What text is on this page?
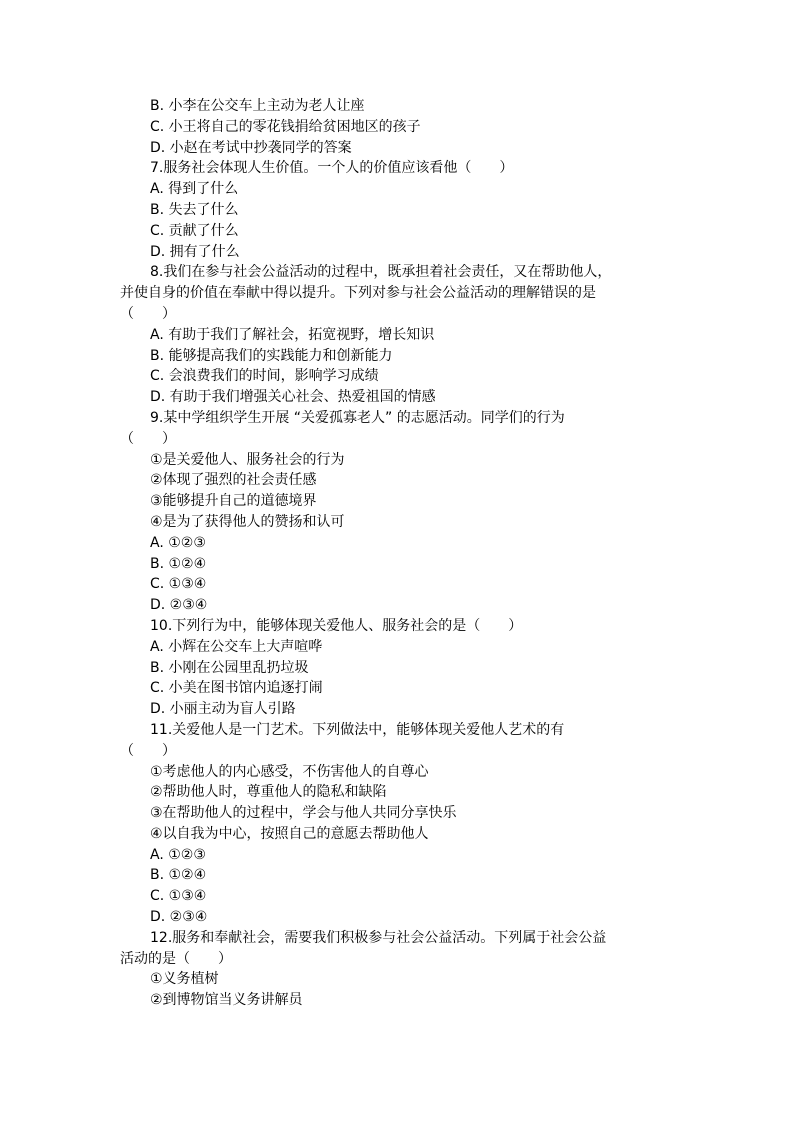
B. 小李在公交车上主动为老人让座
C. 小王将自己的零花钱捐给贫困地区的孩子
D. 小赵在考试中抄袭同学的答案
7.服务社会体现人生价值。一个人的价值应该看他（　　）
A. 得到了什么
B. 失去了什么
C. 贡献了什么
D. 拥有了什么
8.我们在参与社会公益活动的过程中，既承担着社会责任，又在帮助他人，
并使自身的价值在奉献中得以提升。下列对参与社会公益活动的理解错误的是
（　　）
A. 有助于我们了解社会，拓宽视野，增长知识
B. 能够提高我们的实践能力和创新能力
C. 会浪费我们的时间，影响学习成绩
D. 有助于我们增强关心社会、热爱祖国的情感
9.某中学组织学生开展 “关爱孤寡老人” 的志愿活动。同学们的行为
（　　）
①是关爱他人、服务社会的行为
②体现了强烈的社会责任感
③能够提升自己的道德境界
④是为了获得他人的赞扬和认可
A. ①②③
B. ①②④
C. ①③④
D. ②③④
10.下列行为中，能够体现关爱他人、服务社会的是（　　）
A. 小辉在公交车上大声喧哗
B. 小刚在公园里乱扔垃圾
C. 小美在图书馆内追逐打闹
D. 小丽主动为盲人引路
11.关爱他人是一门艺术。下列做法中，能够体现关爱他人艺术的有
（　　）
①考虑他人的内心感受，不伤害他人的自尊心
②帮助他人时，尊重他人的隐私和缺陷
③在帮助他人的过程中，学会与他人共同分享快乐
④以自我为中心，按照自己的意愿去帮助他人
A. ①②③
B. ①②④
C. ①③④
D. ②③④
12.服务和奉献社会，需要我们积极参与社会公益活动。下列属于社会公益
活动的是（　　）
①义务植树
②到博物馆当义务讲解员
